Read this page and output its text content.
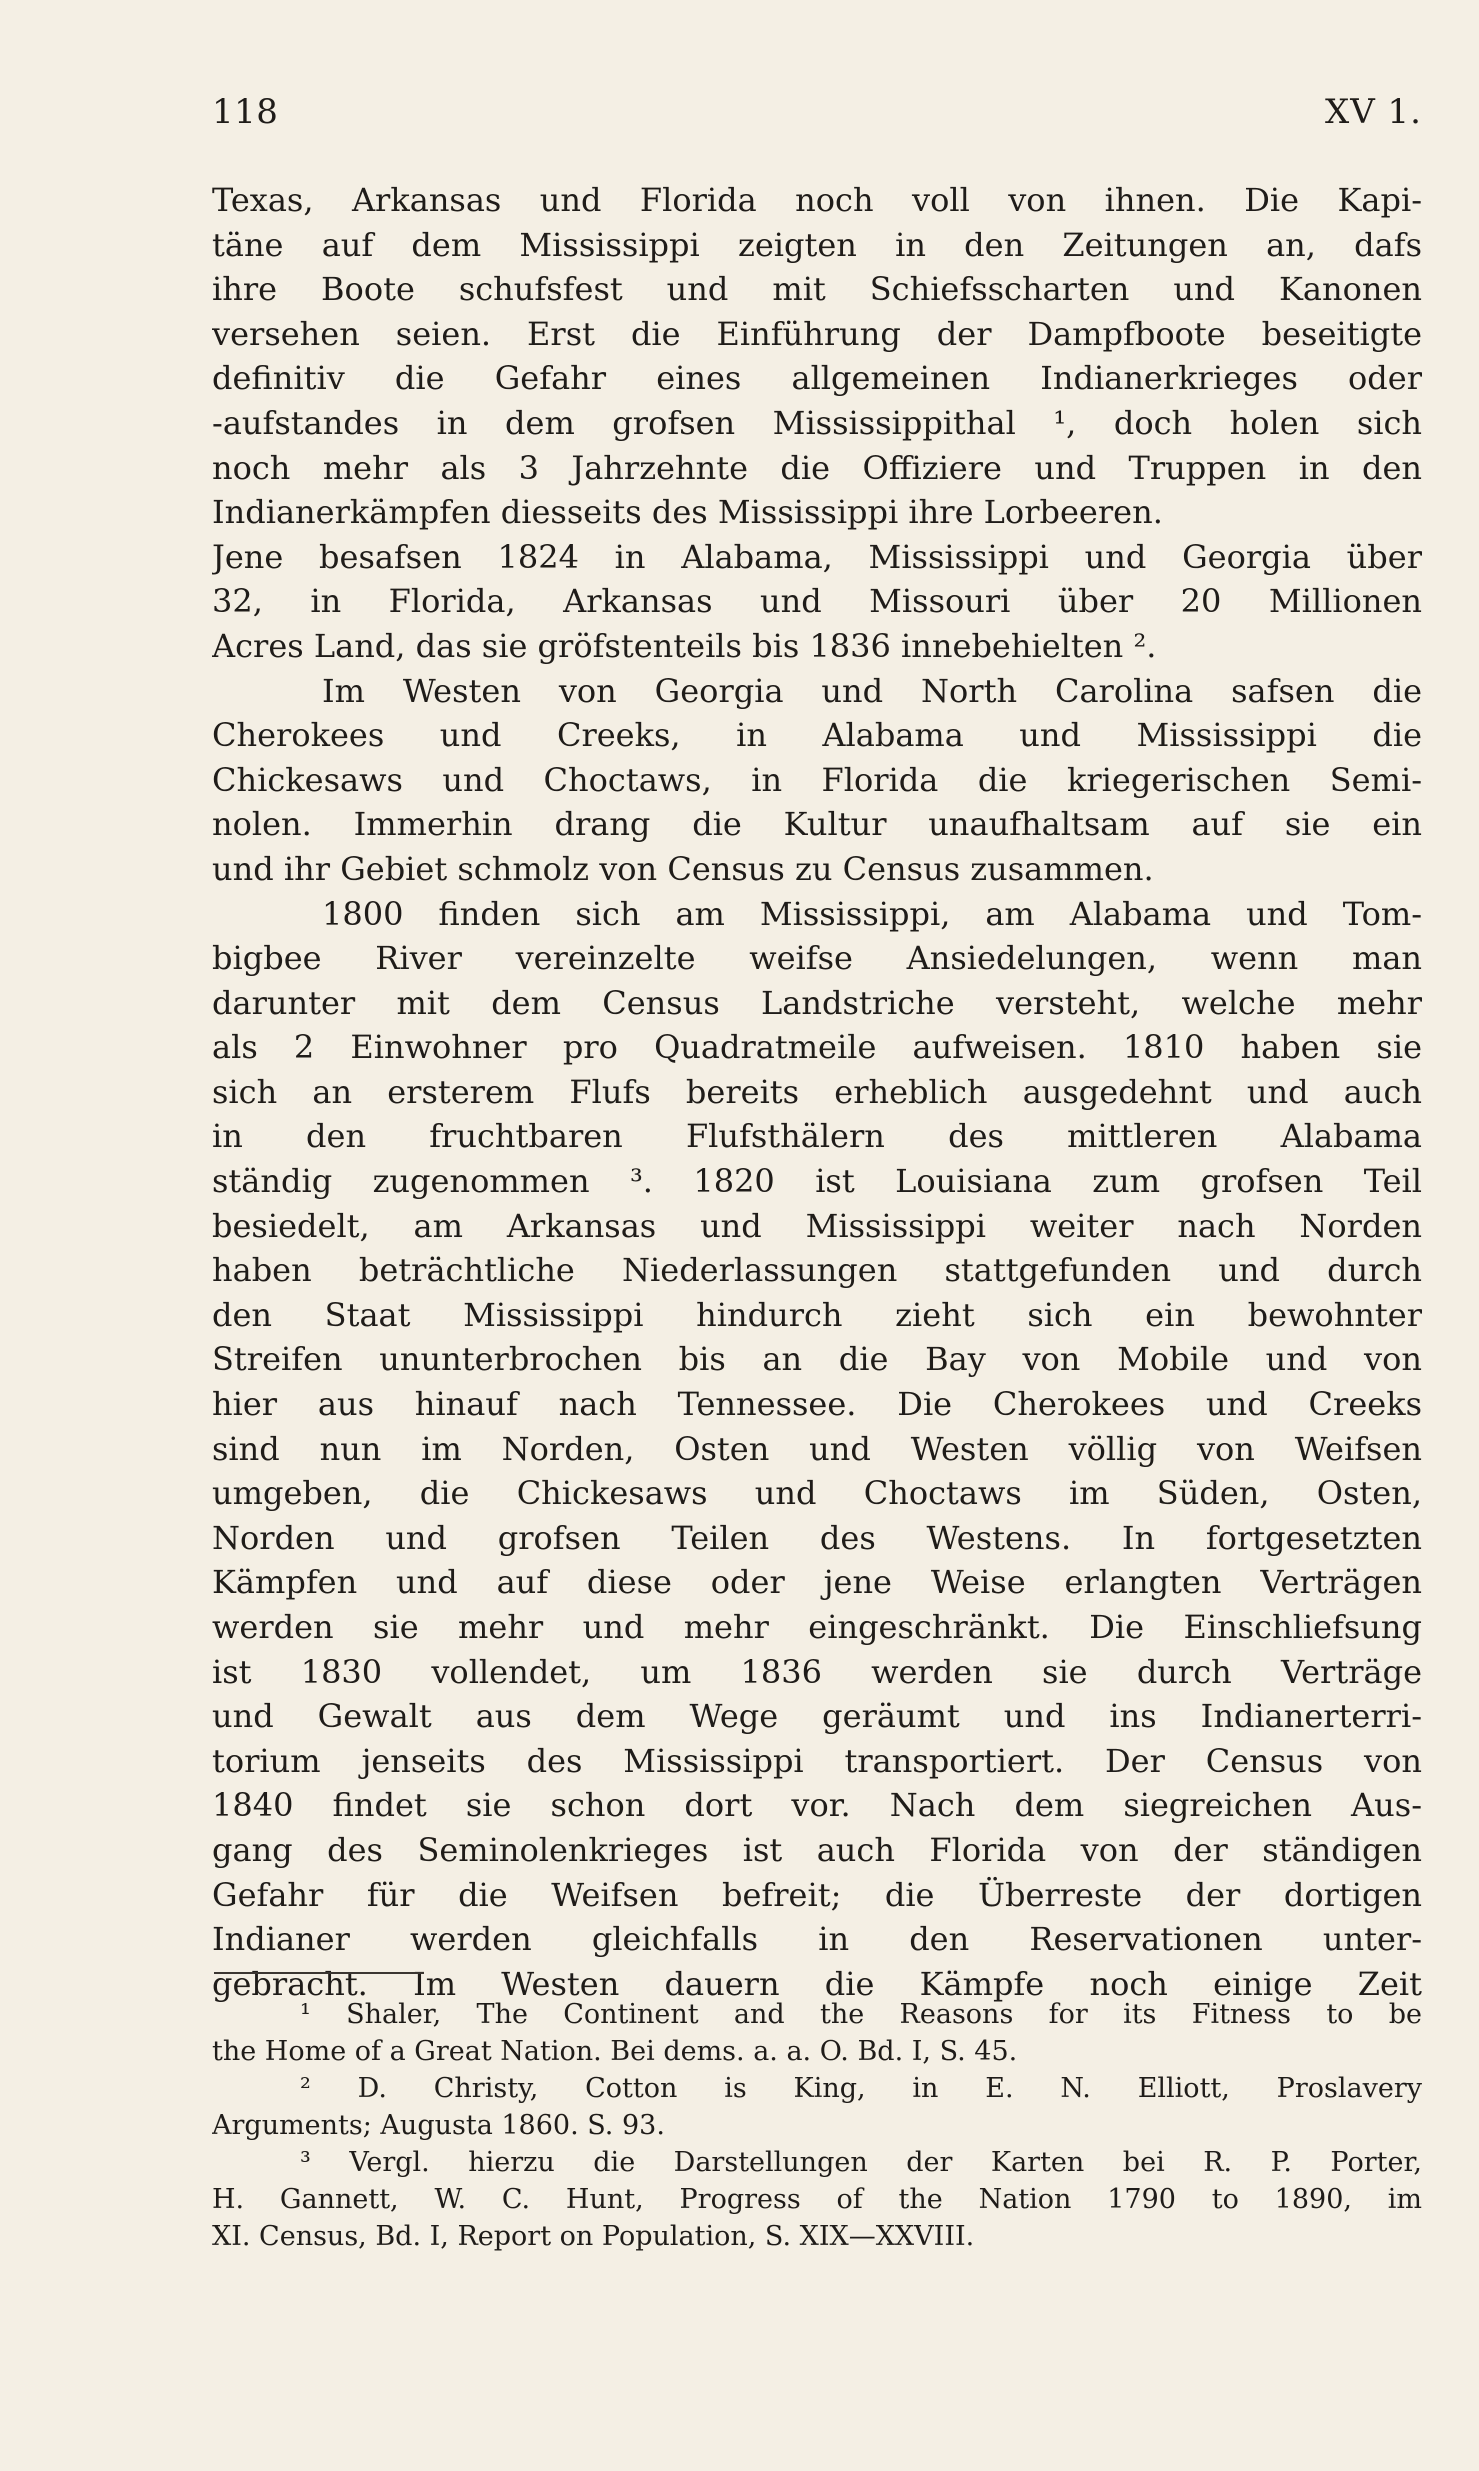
118	XV 1.
Texas, Arkansas und Florida noch voll von ihnen. Die Kapi-
täne auf dem Mississippi zeigten in den Zeitungen an, dafs
ihre Boote schufsfest und mit Schiefsscharten und Kanonen
versehen seien. Erst die Einführung der Dampfboote beseitigte
definitiv die Gefahr eines allgemeinen Indianerkrieges oder
-aufstandes in dem grofsen Mississippithal ¹, doch holen sich
noch mehr als 3 Jahrzehnte die Offiziere und Truppen in den
Indianerkämpfen diesseits des Mississippi ihre Lorbeeren.
Jene besafsen 1824 in Alabama, Mississippi und Georgia über
32, in Florida, Arkansas und Missouri über 20 Millionen
Acres Land, das sie gröfstenteils bis 1836 innebehielten ².
Im Westen von Georgia und North Carolina safsen die
Cherokees und Creeks, in Alabama und Mississippi die
Chickesaws und Choctaws, in Florida die kriegerischen Semi-
nolen. Immerhin drang die Kultur unaufhaltsam auf sie ein
und ihr Gebiet schmolz von Census zu Census zusammen.
1800 finden sich am Mississippi, am Alabama und Tom-
bigbee River vereinzelte weifse Ansiedelungen, wenn man
darunter mit dem Census Landstriche versteht, welche mehr
als 2 Einwohner pro Quadratmeile aufweisen. 1810 haben sie
sich an ersterem Flufs bereits erheblich ausgedehnt und auch
in den fruchtbaren Flufsthälern des mittleren Alabama
ständig zugenommen ³. 1820 ist Louisiana zum grofsen Teil
besiedelt, am Arkansas und Mississippi weiter nach Norden
haben beträchtliche Niederlassungen stattgefunden und durch
den Staat Mississippi hindurch zieht sich ein bewohnter
Streifen ununterbrochen bis an die Bay von Mobile und von
hier aus hinauf nach Tennessee. Die Cherokees und Creeks
sind nun im Norden, Osten und Westen völlig von Weifsen
umgeben, die Chickesaws und Choctaws im Süden, Osten,
Norden und grofsen Teilen des Westens. In fortgesetzten
Kämpfen und auf diese oder jene Weise erlangten Verträgen
werden sie mehr und mehr eingeschränkt. Die Einschliefsung
ist 1830 vollendet, um 1836 werden sie durch Verträge
und Gewalt aus dem Wege geräumt und ins Indianerterri-
torium jenseits des Mississippi transportiert. Der Census von
1840 findet sie schon dort vor. Nach dem siegreichen Aus-
gang des Seminolenkrieges ist auch Florida von der ständigen
Gefahr für die Weifsen befreit; die Überreste der dortigen
Indianer werden gleichfalls in den Reservationen unter-
gebracht. Im Westen dauern die Kämpfe noch einige Zeit
¹ Shaler, The Continent and the Reasons for its Fitness to be
the Home of a Great Nation. Bei dems. a. a. O. Bd. I, S. 45.
² D. Christy, Cotton is King, in E. N. Elliott, Proslavery
Arguments; Augusta 1860. S. 93.
³ Vergl. hierzu die Darstellungen der Karten bei R. P. Porter,
H. Gannett, W. C. Hunt, Progress of the Nation 1790 to 1890, im
XI. Census, Bd. I, Report on Population, S. XIX—XXVIII.
